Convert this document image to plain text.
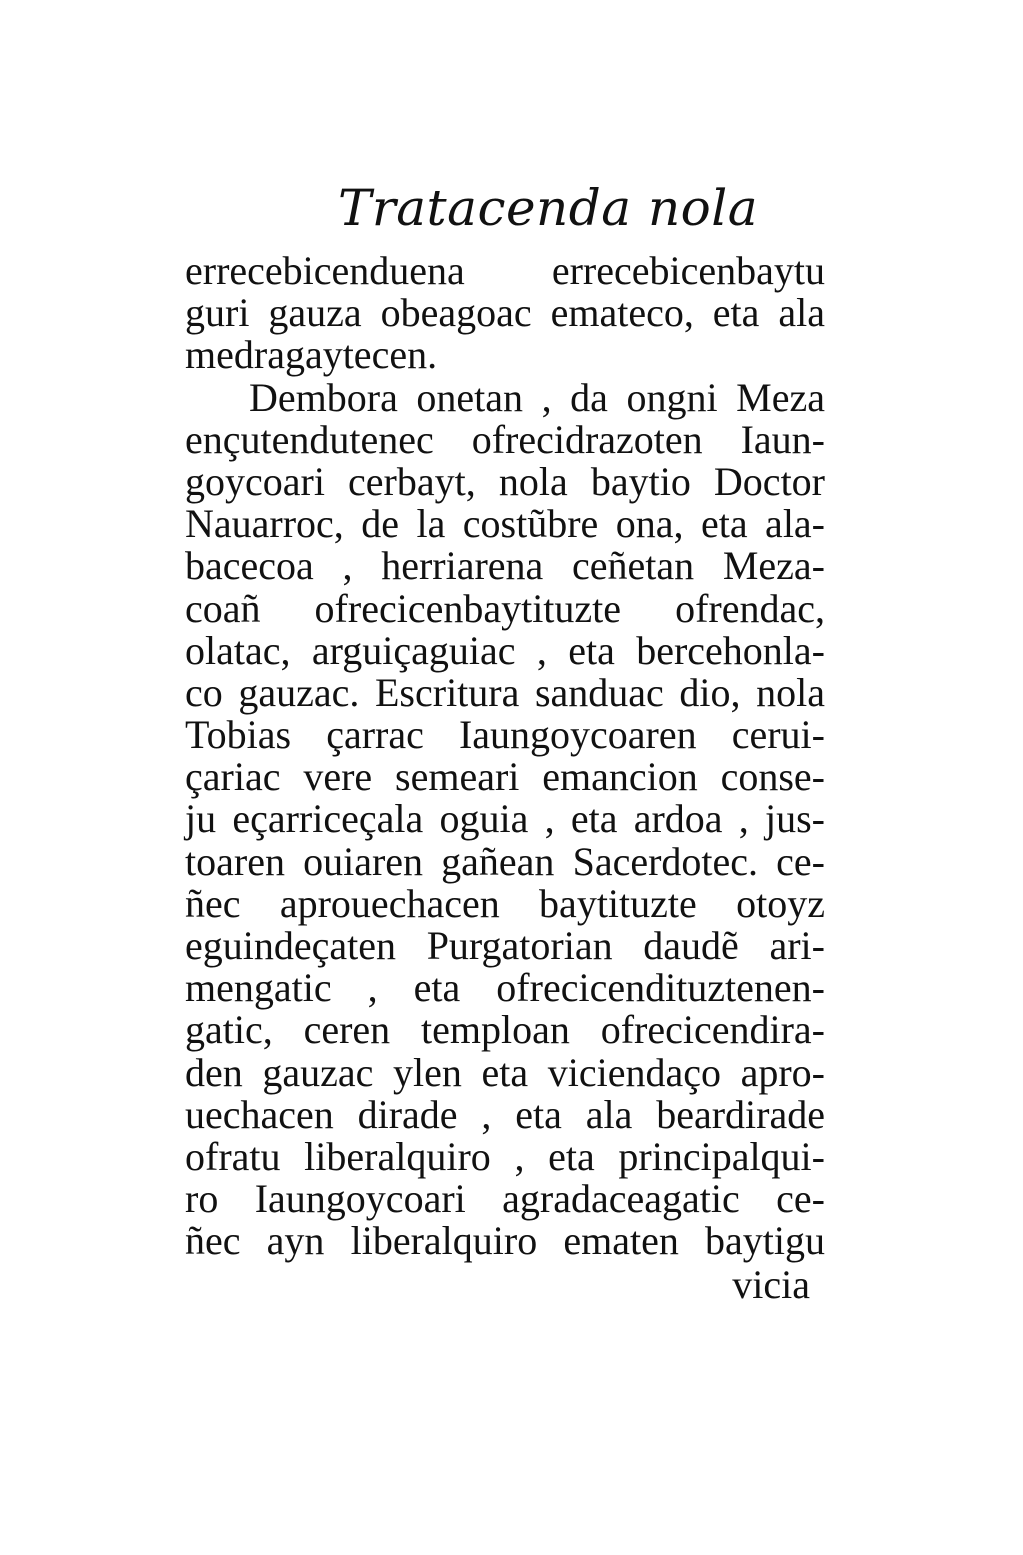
Tratacenda nola
errecebicenduena errecebicenbaytu
guri gauza obeagoac emateco, eta ala
medragaytecen.
Dembora onetan , da ongni Meza
ençutendutenec ofrecidrazoten Iaun-
goycoari cerbayt, nola baytio Doctor
Nauarroc, de la costũbre ona, eta ala-
bacecoa , herriarena ceñetan Meza-
coañ ofrecicenbaytituzte ofrendac,
olatac, arguiçaguiac , eta bercehonla-
co gauzac. Escritura sanduac dio, nola
Tobias çarrac Iaungoycoaren cerui-
çariac vere semeari emancion conse-
ju eçarriceçala oguia , eta ardoa , jus-
toaren ouiaren gañean Sacerdotec. ce-
ñec aprouechacen baytituzte otoyz
eguindeçaten Purgatorian daudẽ ari-
mengatic , eta ofrecicendituztenen-
gatic, ceren temploan ofrecicendira-
den gauzac ylen eta viciendaço apro-
uechacen dirade , eta ala beardirade
ofratu liberalquiro , eta principalqui-
ro Iaungoycoari agradaceagatic ce-
ñec ayn liberalquiro ematen baytigu
vicia
